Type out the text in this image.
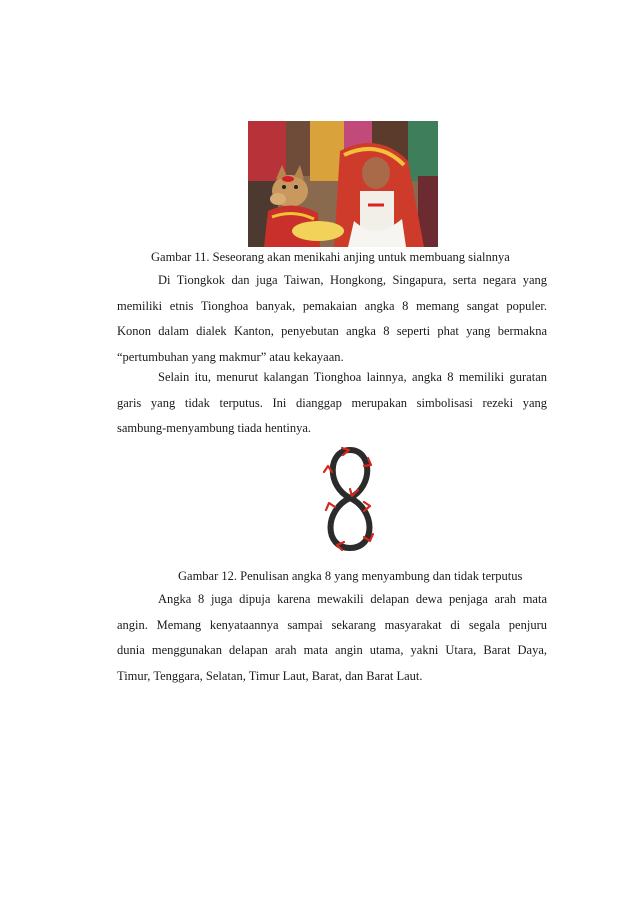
Gambar 11. Seseorang akan menikahi anjing untuk membuang sialnnya
Di Tiongkok dan juga Taiwan, Hongkong, Singapura, serta negara yang
memiliki etnis Tionghoa banyak, pemakaian angka 8 memang sangat populer.
Konon dalam dialek Kanton, penyebutan angka 8 seperti phat yang bermakna
“pertumbuhan yang makmur” atau kekayaan.
Selain itu, menurut kalangan Tionghoa lainnya, angka 8 memiliki guratan
garis yang tidak terputus. Ini dianggap merupakan simbolisasi rezeki yang
sambung-menyambung tiada hentinya.
Gambar 12. Penulisan angka 8 yang menyambung dan tidak terputus
Angka 8 juga dipuja karena mewakili delapan dewa penjaga arah mata
angin. Memang kenyataannya sampai sekarang masyarakat di segala penjuru
dunia menggunakan delapan arah mata angin utama, yakni Utara, Barat Daya,
Timur, Tenggara, Selatan, Timur Laut, Barat, dan Barat Laut.
